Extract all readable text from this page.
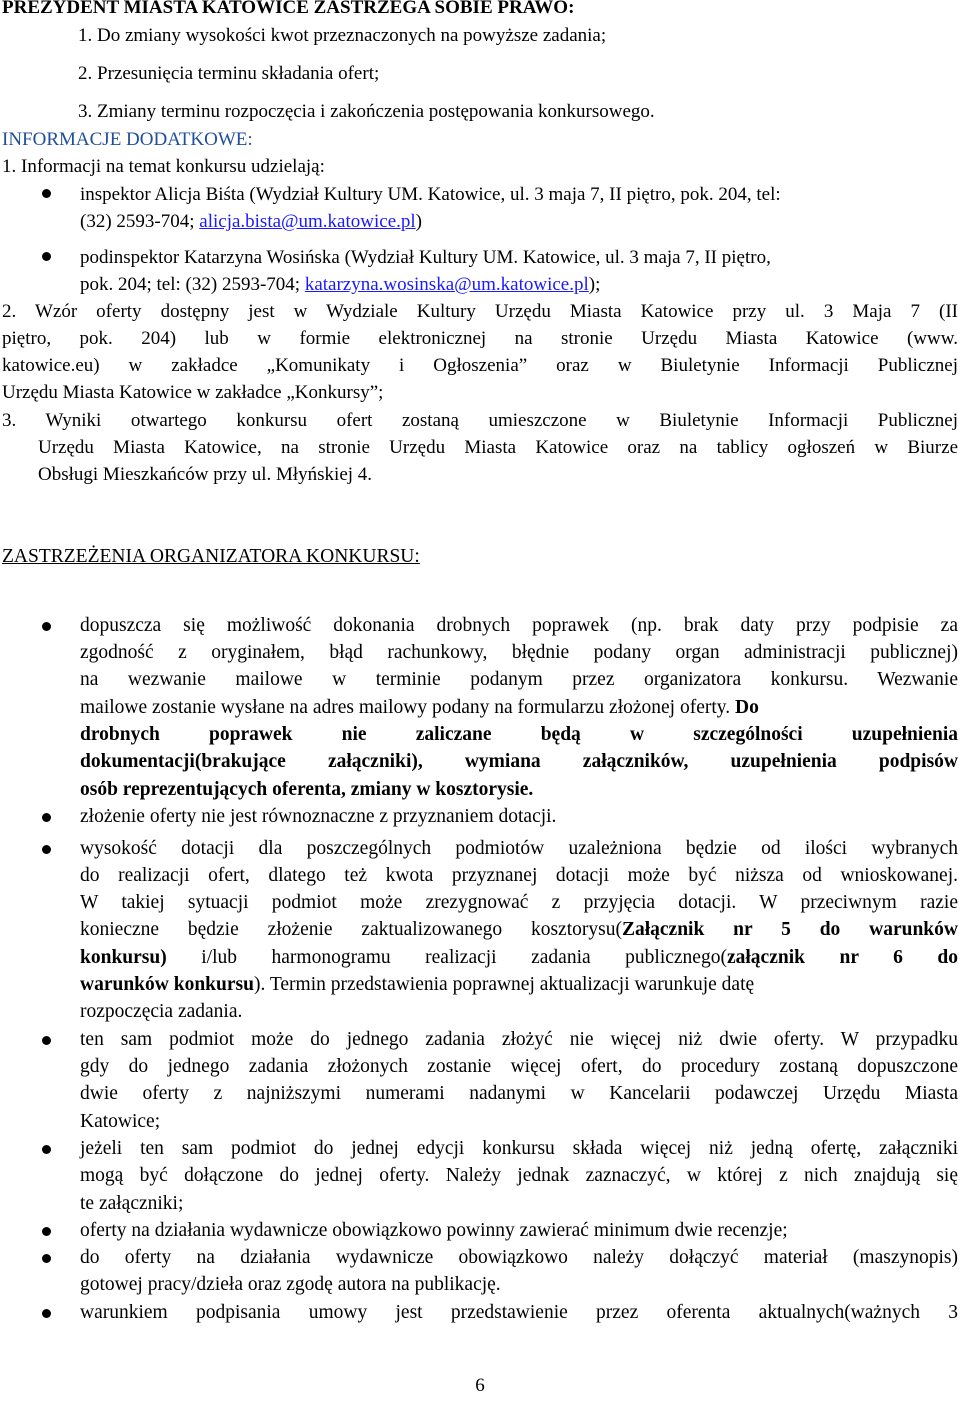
PREZYDENT MIASTA KATOWICE ZASTRZEGA SOBIE PRAWO:
1. Do zmiany wysokości kwot przeznaczonych na powyższe zadania;
2. Przesunięcia terminu składania ofert;
3. Zmiany terminu rozpoczęcia i zakończenia postępowania konkursowego.
INFORMACJE DODATKOWE:
1. Informacji na temat konkursu udzielają:
inspektor Alicja Biśta (Wydział Kultury UM. Katowice, ul. 3 maja 7, II piętro, pok. 204, tel:
(32) 2593-704; alicja.bista@um.katowice.pl)
podinspektor Katarzyna Wosińska (Wydział Kultury UM. Katowice, ul. 3 maja 7, II piętro,
pok. 204; tel: (32) 2593-704; katarzyna.wosinska@um.katowice.pl);
2. Wzór oferty dostępny jest w Wydziale Kultury Urzędu Miasta Katowice przy ul. 3 Maja 7 (II
piętro, pok. 204) lub w formie elektronicznej na stronie Urzędu Miasta Katowice (www.
katowice.eu) w zakładce „Komunikaty i Ogłoszenia” oraz w Biuletynie Informacji Publicznej
Urzędu Miasta Katowice w zakładce „Konkursy”;
3. Wyniki otwartego konkursu ofert zostaną umieszczone w Biuletynie Informacji Publicznej
Urzędu Miasta Katowice, na stronie Urzędu Miasta Katowice oraz na tablicy ogłoszeń w Biurze
Obsługi Mieszkańców przy ul. Młyńskiej 4.
ZASTRZEŻENIA ORGANIZATORA KONKURSU:
dopuszcza się możliwość dokonania drobnych poprawek (np. brak daty przy podpisie za
zgodność z oryginałem, błąd rachunkowy, błędnie podany organ administracji publicznej)
na wezwanie mailowe w terminie podanym przez organizatora konkursu. Wezwanie
mailowe zostanie wysłane na adres mailowy podany na formularzu złożonej oferty. Do
drobnych poprawek nie zaliczane będą w szczególności uzupełnienia
dokumentacji(brakujące załączniki), wymiana załączników, uzupełnienia podpisów
osób reprezentujących oferenta, zmiany w kosztorysie.
złożenie oferty nie jest równoznaczne z przyznaniem dotacji.
wysokość dotacji dla poszczególnych podmiotów uzależniona będzie od ilości wybranych
do realizacji ofert, dlatego też kwota przyznanej dotacji może być niższa od wnioskowanej.
W takiej sytuacji podmiot może zrezygnować z przyjęcia dotacji. W przeciwnym razie
konieczne będzie złożenie zaktualizowanego kosztorysu(Załącznik nr 5 do warunków
konkursu) i/lub harmonogramu realizacji zadania publicznego(załącznik nr 6 do
warunków konkursu). Termin przedstawienia poprawnej aktualizacji warunkuje datę
rozpoczęcia zadania.
ten sam podmiot może do jednego zadania złożyć nie więcej niż dwie oferty. W przypadku
gdy do jednego zadania złożonych zostanie więcej ofert, do procedury zostaną dopuszczone
dwie oferty z najniższymi numerami nadanymi w Kancelarii podawczej Urzędu Miasta
Katowice;
jeżeli ten sam podmiot do jednej edycji konkursu składa więcej niż jedną ofertę, załączniki
mogą być dołączone do jednej oferty. Należy jednak zaznaczyć, w której z nich znajdują się
te załączniki;
oferty na działania wydawnicze obowiązkowo powinny zawierać minimum dwie recenzje;
do oferty na działania wydawnicze obowiązkowo należy dołączyć materiał (maszynopis)
gotowej pracy/dzieła oraz zgodę autora na publikację.
warunkiem podpisania umowy jest przedstawienie przez oferenta aktualnych(ważnych 3
6
